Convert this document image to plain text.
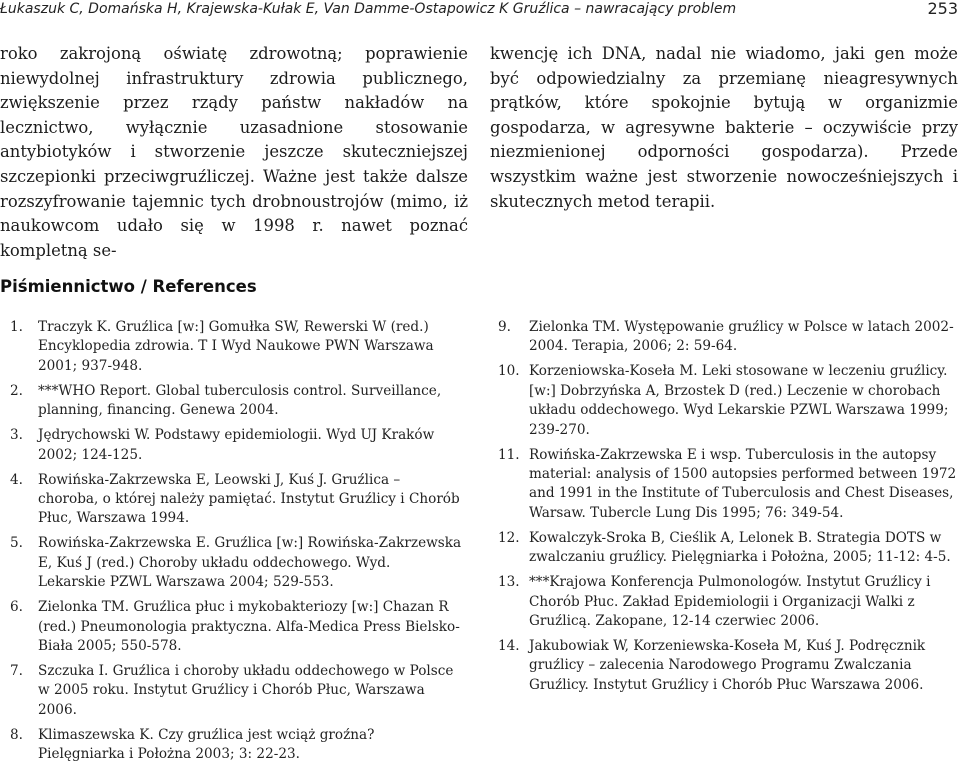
Łukaszuk C, Domańska H, Krajewska-Kułak E, Van Damme-Ostapowicz K Gruźlica – nawracający problem	253
roko zakrojoną oświatę zdrowotną; poprawienie niewydolnej infrastruktury zdrowia publicznego, zwiększenie przez rządy państw nakładów na lecznictwo, wyłącznie uzasadnione stosowanie antybiotyków i stworzenie jeszcze skuteczniejszej szczepionki przeciwgruźliczej. Ważne jest także dalsze rozszyfrowanie tajemnic tych drobnoustrojów (mimo, iż naukowcom udało się w 1998 r. nawet poznać kompletną se-
kwencję ich DNA, nadal nie wiadomo, jaki gen może być odpowiedzialny za przemianę nieagresywnych prątków, które spokojnie bytują w organizmie gospodarza, w agresywne bakterie – oczywiście przy niezmienionej odporności gospodarza). Przede wszystkim ważne jest stworzenie nowocześniejszych i skutecznych metod terapii.
Piśmiennictwo / References
1. Traczyk K. Gruźlica [w:] Gomułka SW, Rewerski W (red.) Encyklopedia zdrowia. T I Wyd Naukowe PWN Warszawa 2001; 937-948.
2. ***WHO Report. Global tuberculosis control. Surveillance, planning, financing. Genewa 2004.
3. Jędrychowski W. Podstawy epidemiologii. Wyd UJ Kraków 2002; 124-125.
4. Rowińska-Zakrzewska E, Leowski J, Kuś J. Gruźlica – choroba, o której należy pamiętać. Instytut Gruźlicy i Chorób Płuc, Warszawa 1994.
5. Rowińska-Zakrzewska E. Gruźlica [w:] Rowińska-Zakrzewska E, Kuś J (red.) Choroby układu oddechowego. Wyd. Lekarskie PZWL Warszawa 2004; 529-553.
6. Zielonka TM. Gruźlica płuc i mykobakteriozy [w:] Chazan R (red.) Pneumonologia praktyczna. Alfa-Medica Press Bielsko-Biała 2005; 550-578.
7. Szczuka I. Gruźlica i choroby układu oddechowego w Polsce w 2005 roku. Instytut Gruźlicy i Chorób Płuc, Warszawa 2006.
8. Klimaszewska K. Czy gruźlica jest wciąż groźna? Pielęgniarka i Położna 2003; 3: 22-23.
9. Zielonka TM. Występowanie gruźlicy w Polsce w latach 2002-2004. Terapia, 2006; 2: 59-64.
10. Korzeniowska-Koseła M. Leki stosowane w leczeniu gruźlicy. [w:] Dobrzyńska A, Brzostek D (red.) Leczenie w chorobach układu oddechowego. Wyd Lekarskie PZWL Warszawa 1999; 239-270.
11. Rowińska-Zakrzewska E i wsp. Tuberculosis in the autopsy material: analysis of 1500 autopsies performed between 1972 and 1991 in the Institute of Tuberculosis and Chest Diseases, Warsaw. Tubercle Lung Dis 1995; 76: 349-54.
12. Kowalczyk-Sroka B, Cieślik A, Lelonek B. Strategia DOTS w zwalczaniu gruźlicy. Pielęgniarka i Położna, 2005; 11-12: 4-5.
13. ***Krajowa Konferencja Pulmonologów. Instytut Gruźlicy i Chorób Płuc. Zakład Epidemiologii i Organizacji Walki z Gruźlicą. Zakopane, 12-14 czerwiec 2006.
14. Jakubowiak W, Korzeniewska-Koseła M, Kuś J. Podręcznik gruźlicy – zalecenia Narodowego Programu Zwalczania Gruźlicy. Instytut Gruźlicy i Chorób Płuc Warszawa 2006.
